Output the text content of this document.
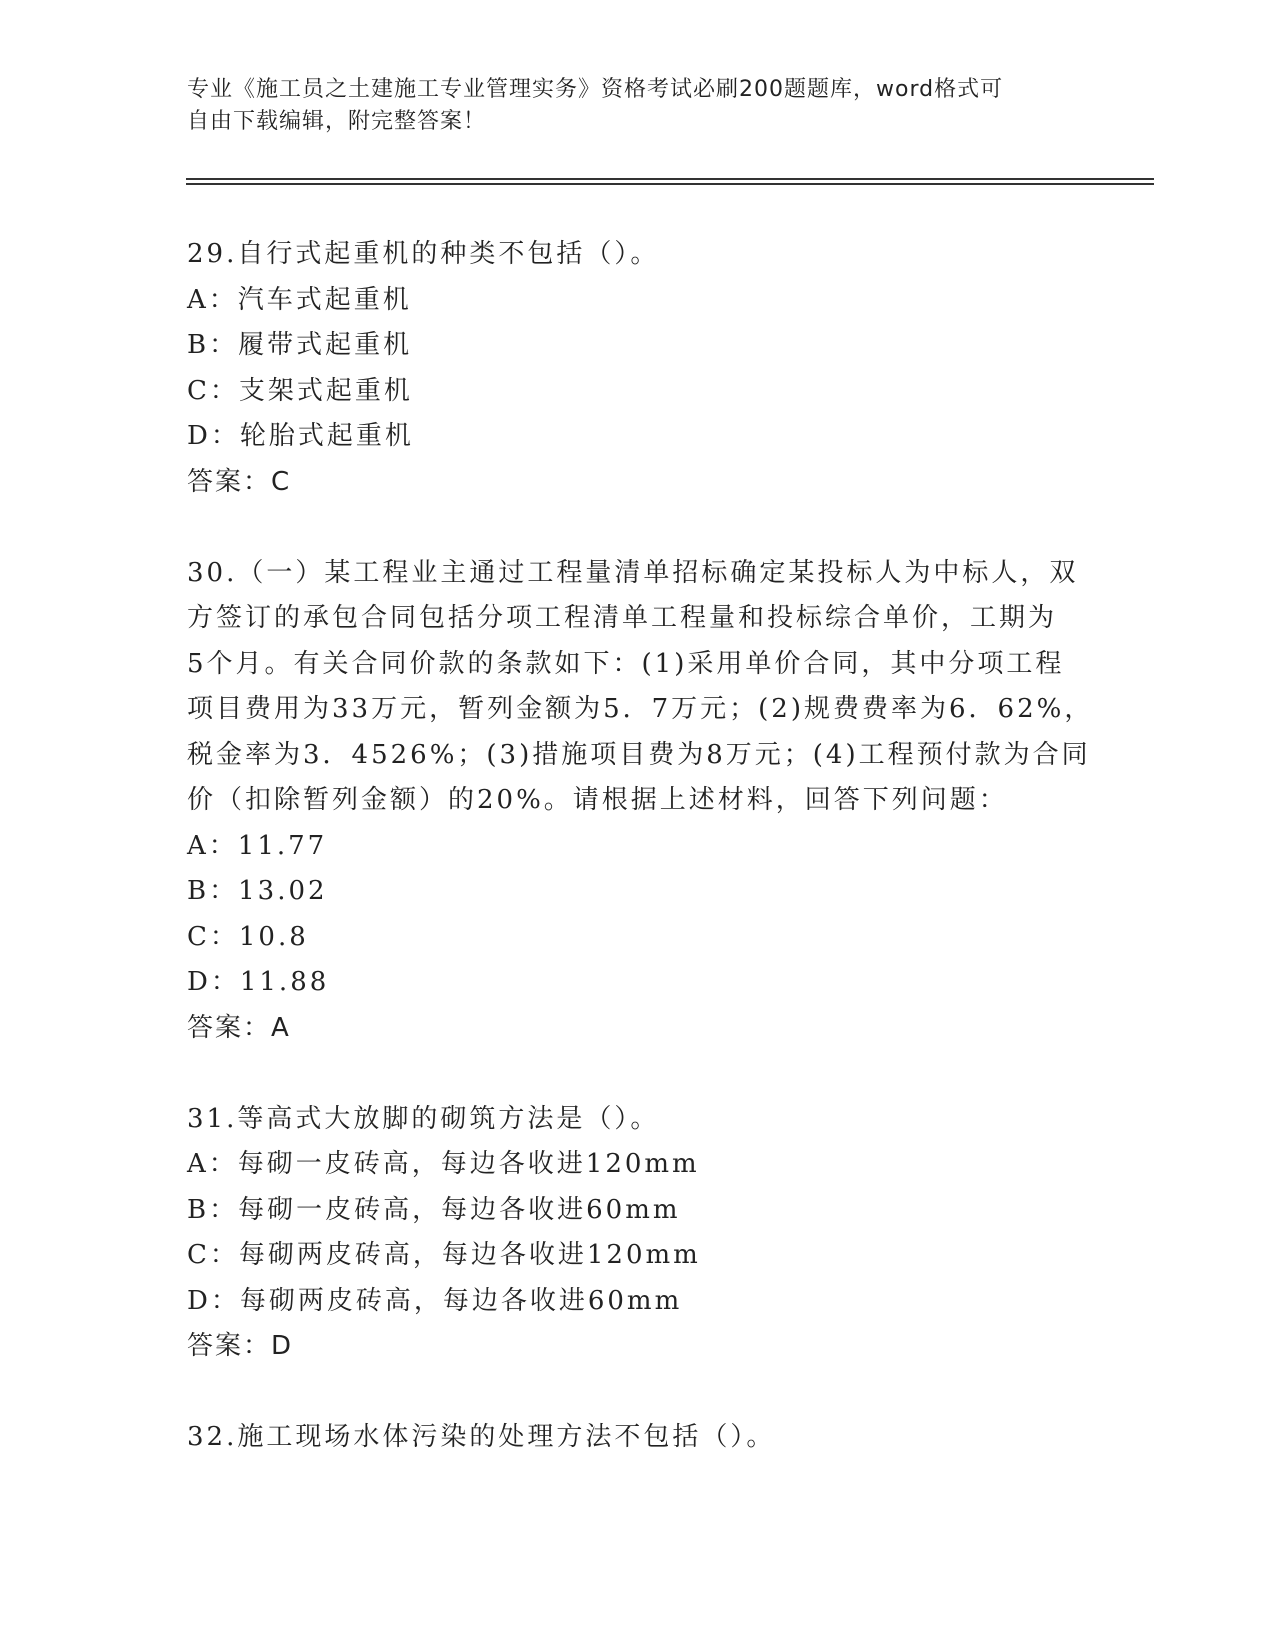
专业《施工员之土建施工专业管理实务》资格考试必刷200题题库，word格式可
自由下载编辑，附完整答案！
29.自行式起重机的种类不包括（）。
A：汽车式起重机
B：履带式起重机
C：支架式起重机
D：轮胎式起重机
答案：C
30.（一）某工程业主通过工程量清单招标确定某投标人为中标人，双
方签订的承包合同包括分项工程清单工程量和投标综合单价，工期为
5个月。有关合同价款的条款如下：(1)采用单价合同，其中分项工程
项目费用为33万元，暂列金额为5．7万元；(2)规费费率为6．62%，
税金率为3．4526%；(3)措施项目费为8万元；(4)工程预付款为合同
价（扣除暂列金额）的20%。请根据上述材料，回答下列问题：
A：11.77
B：13.02
C：10.8
D：11.88
答案：A
31.等高式大放脚的砌筑方法是（）。
A：每砌一皮砖高，每边各收进120mm
B：每砌一皮砖高，每边各收进60mm
C：每砌两皮砖高，每边各收进120mm
D：每砌两皮砖高，每边各收进60mm
答案：D
32.施工现场水体污染的处理方法不包括（）。
